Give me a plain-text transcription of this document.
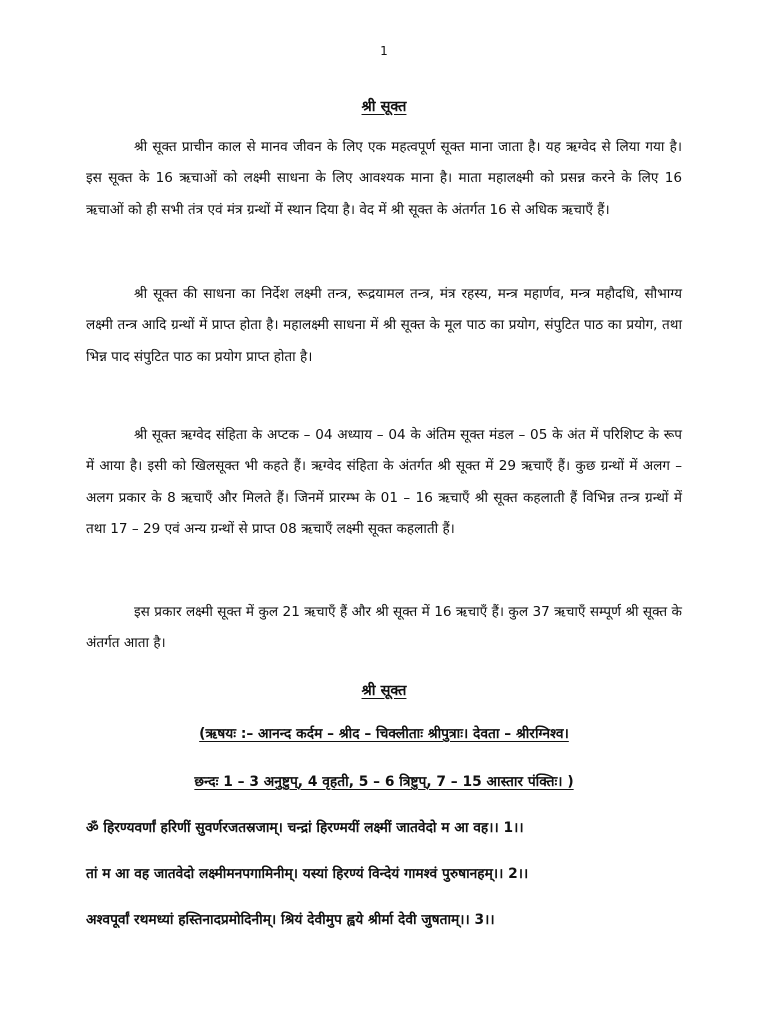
1
श्री सूक्त

श्री सूक्त प्राचीन काल से मानव जीवन के लिए एक महत्वपूर्ण सूक्त माना जाता है। यह ऋग्वेद से लिया गया है। इस सूक्त के 16 ऋचाओं को लक्ष्मी साधना के लिए आवश्यक माना है। माता महालक्ष्मी को प्रसन्न करने के लिए 16 ऋचाओं को ही सभी तंत्र एवं मंत्र ग्रन्थों में स्थान दिया है। वेद में श्री सूक्त के अंतर्गत 16 से अधिक ऋचाएँ हैं।

श्री सूक्त की साधना का निर्देश लक्ष्मी तन्त्र, रूद्रयामल तन्त्र, मंत्र रहस्य, मन्त्र महार्णव, मन्त्र महौदधि, सौभाग्य लक्ष्मी तन्त्र आदि ग्रन्थों में प्राप्त होता है। महालक्ष्मी साधना में श्री सूक्त के मूल पाठ का प्रयोग, संपुटित पाठ का प्रयोग, तथा भिन्न पाद संपुटित पाठ का प्रयोग प्राप्त होता है।

श्री सूक्त ऋग्वेद संहिता के अप्टक – 04 अध्याय – 04 के अंतिम सूक्त मंडल – 05 के अंत में परिशिप्ट के रूप में आया है। इसी को खिलसूक्त भी कहते हैं। ऋग्वेद संहिता के अंतर्गत श्री सूक्त में 29 ऋचाएँ हैं। कुछ ग्रन्थों में अलग – अलग प्रकार के 8 ऋचाएँ और मिलते हैं। जिनमें प्रारम्भ के 01 – 16 ऋचाएँ श्री सूक्त कहलाती हैं विभिन्न तन्त्र ग्रन्थों में तथा 17 – 29 एवं अन्य ग्रन्थों से प्राप्त 08 ऋचाएँ लक्ष्मी सूक्त कहलाती हैं।

इस प्रकार लक्ष्मी सूक्त में कुल 21 ऋचाएँ हैं और श्री सूक्त में 16 ऋचाएँ हैं। कुल 37 ऋचाएँ सम्पूर्ण श्री सूक्त के अंतर्गत आता है।

श्री सूक्त
(ऋषयः :– आनन्द कर्दम – श्रीद – चिक्लीताः श्रीपुत्राः। देवता – श्रीरग्निश्व।
छन्दः 1 – 3 अनुष्टुप्, 4 वृहती, 5 – 6 त्रिष्टुप्, 7 – 15 आस्तार पंक्तिः। )
ॐ हिरण्यवर्णां हरिणीं सुवर्णरजतस्रजाम्। चन्द्रां हिरण्मयीं लक्ष्मीं जातवेदो म आ वह।। 1।।
तां म आ वह जातवेदो लक्ष्मीमनपगामिनीम्। यस्यां हिरण्यं विन्देयं गामश्वं पुरुषानहम्।। 2।।
अश्वपूर्वां रथमध्यां हस्तिनादप्रमोदिनीम्। श्रियं देवीमुप ह्वये श्रीर्मा देवी जुषताम्।। 3।।
